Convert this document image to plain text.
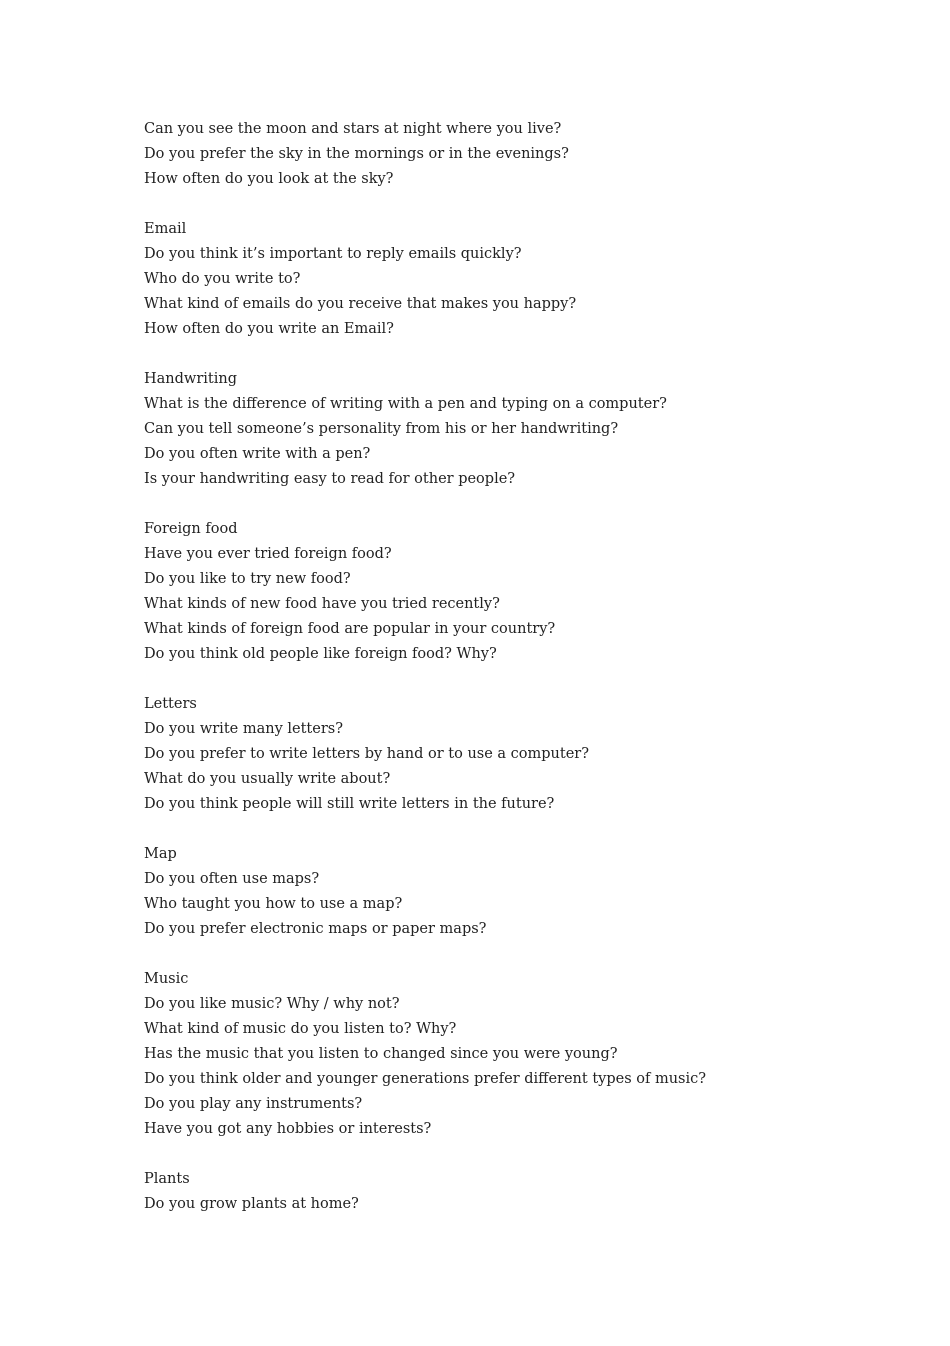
Can you see the moon and stars at night where you live?
Do you prefer the sky in the mornings or in the evenings?
How often do you look at the sky?
Email
Do you think it’s important to reply emails quickly?
Who do you write to?
What kind of emails do you receive that makes you happy?
How often do you write an Email?
Handwriting
What is the difference of writing with a pen and typing on a computer?
Can you tell someone’s personality from his or her handwriting?
Do you often write with a pen?
Is your handwriting easy to read for other people?
Foreign food
Have you ever tried foreign food?
Do you like to try new food?
What kinds of new food have you tried recently?
What kinds of foreign food are popular in your country?
Do you think old people like foreign food? Why?
Letters
Do you write many letters?
Do you prefer to write letters by hand or to use a computer?
What do you usually write about?
Do you think people will still write letters in the future?
Map
Do you often use maps?
Who taught you how to use a map?
Do you prefer electronic maps or paper maps?
Music
Do you like music? Why / why not?
What kind of music do you listen to? Why?
Has the music that you listen to changed since you were young?
Do you think older and younger generations prefer different types of music?
Do you play any instruments?
Have you got any hobbies or interests?
Plants
Do you grow plants at home?
